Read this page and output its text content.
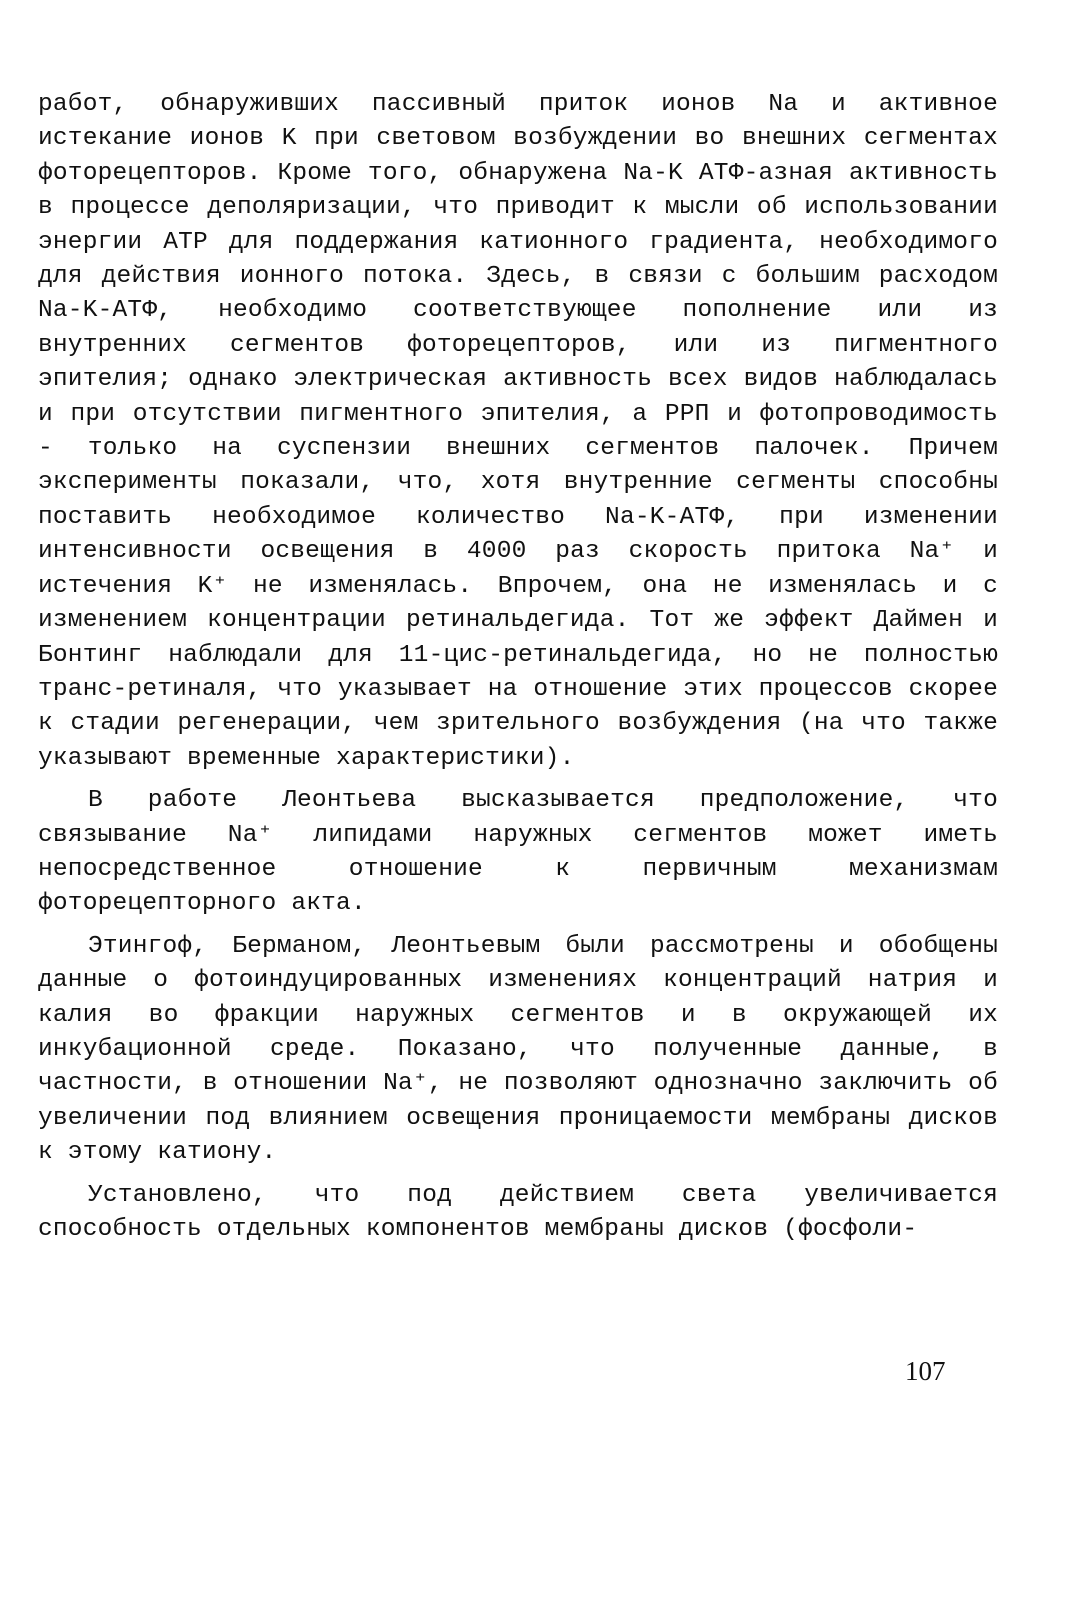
работ, обнаруживших пассивный приток ионов Na и активное истекание ионов K при световом возбуждении во внешних сегментах фоторецепторов. Кроме того, обнаружена Na-K АТФ-азная активность в процессе деполяризации, что приводит к мысли об использовании энергии АТР для поддержания катионного градиента, необходимого для действия ионного потока. Здесь, в связи с большим расходом Na-K-АТФ, необходимо соответствующее пополнение или из внутренних сегментов фоторецепторов, или из пигментного эпителия; однако электрическая активность всех видов наблюдалась и при отсутствии пигментного эпителия, а РРП и фотопроводимость - только на суспензии внешних сегментов палочек. Причем эксперименты показали, что, хотя внутренние сегменты способны поставить необходимое количество Na-K-АТФ, при изменении интенсивности освещения в 4000 раз скорость притока Na⁺ и истечения K⁺ не изменялась. Впрочем, она не изменялась и с изменением концентрации ретинальдегида. Тот же эффект Даймен и Бонтинг наблюдали для 11-цис-ретинальдегида, но не полностью транс-ретиналя, что указывает на отношение этих процессов скорее к стадии регенерации, чем зрительного возбуждения (на что также указывают временные характеристики).

В работе Леонтьева высказывается предположение, что связывание Na⁺ липидами наружных сегментов может иметь непосредственное отношение к первичным механизмам фоторецепторного акта.

Этингоф, Берманом, Леонтьевым были рассмотрены и обобщены данные о фотоиндуцированных изменениях концентраций натрия и калия во фракции наружных сегментов и в окружающей их инкубационной среде. Показано, что полученные данные, в частности, в отношении Na⁺, не позволяют однозначно заключить об увеличении под влиянием освещения проницаемости мембраны дисков к этому катиону.

Установлено, что под действием света увеличивается способность отдельных компонентов мембраны дисков (фосфоли-

107
